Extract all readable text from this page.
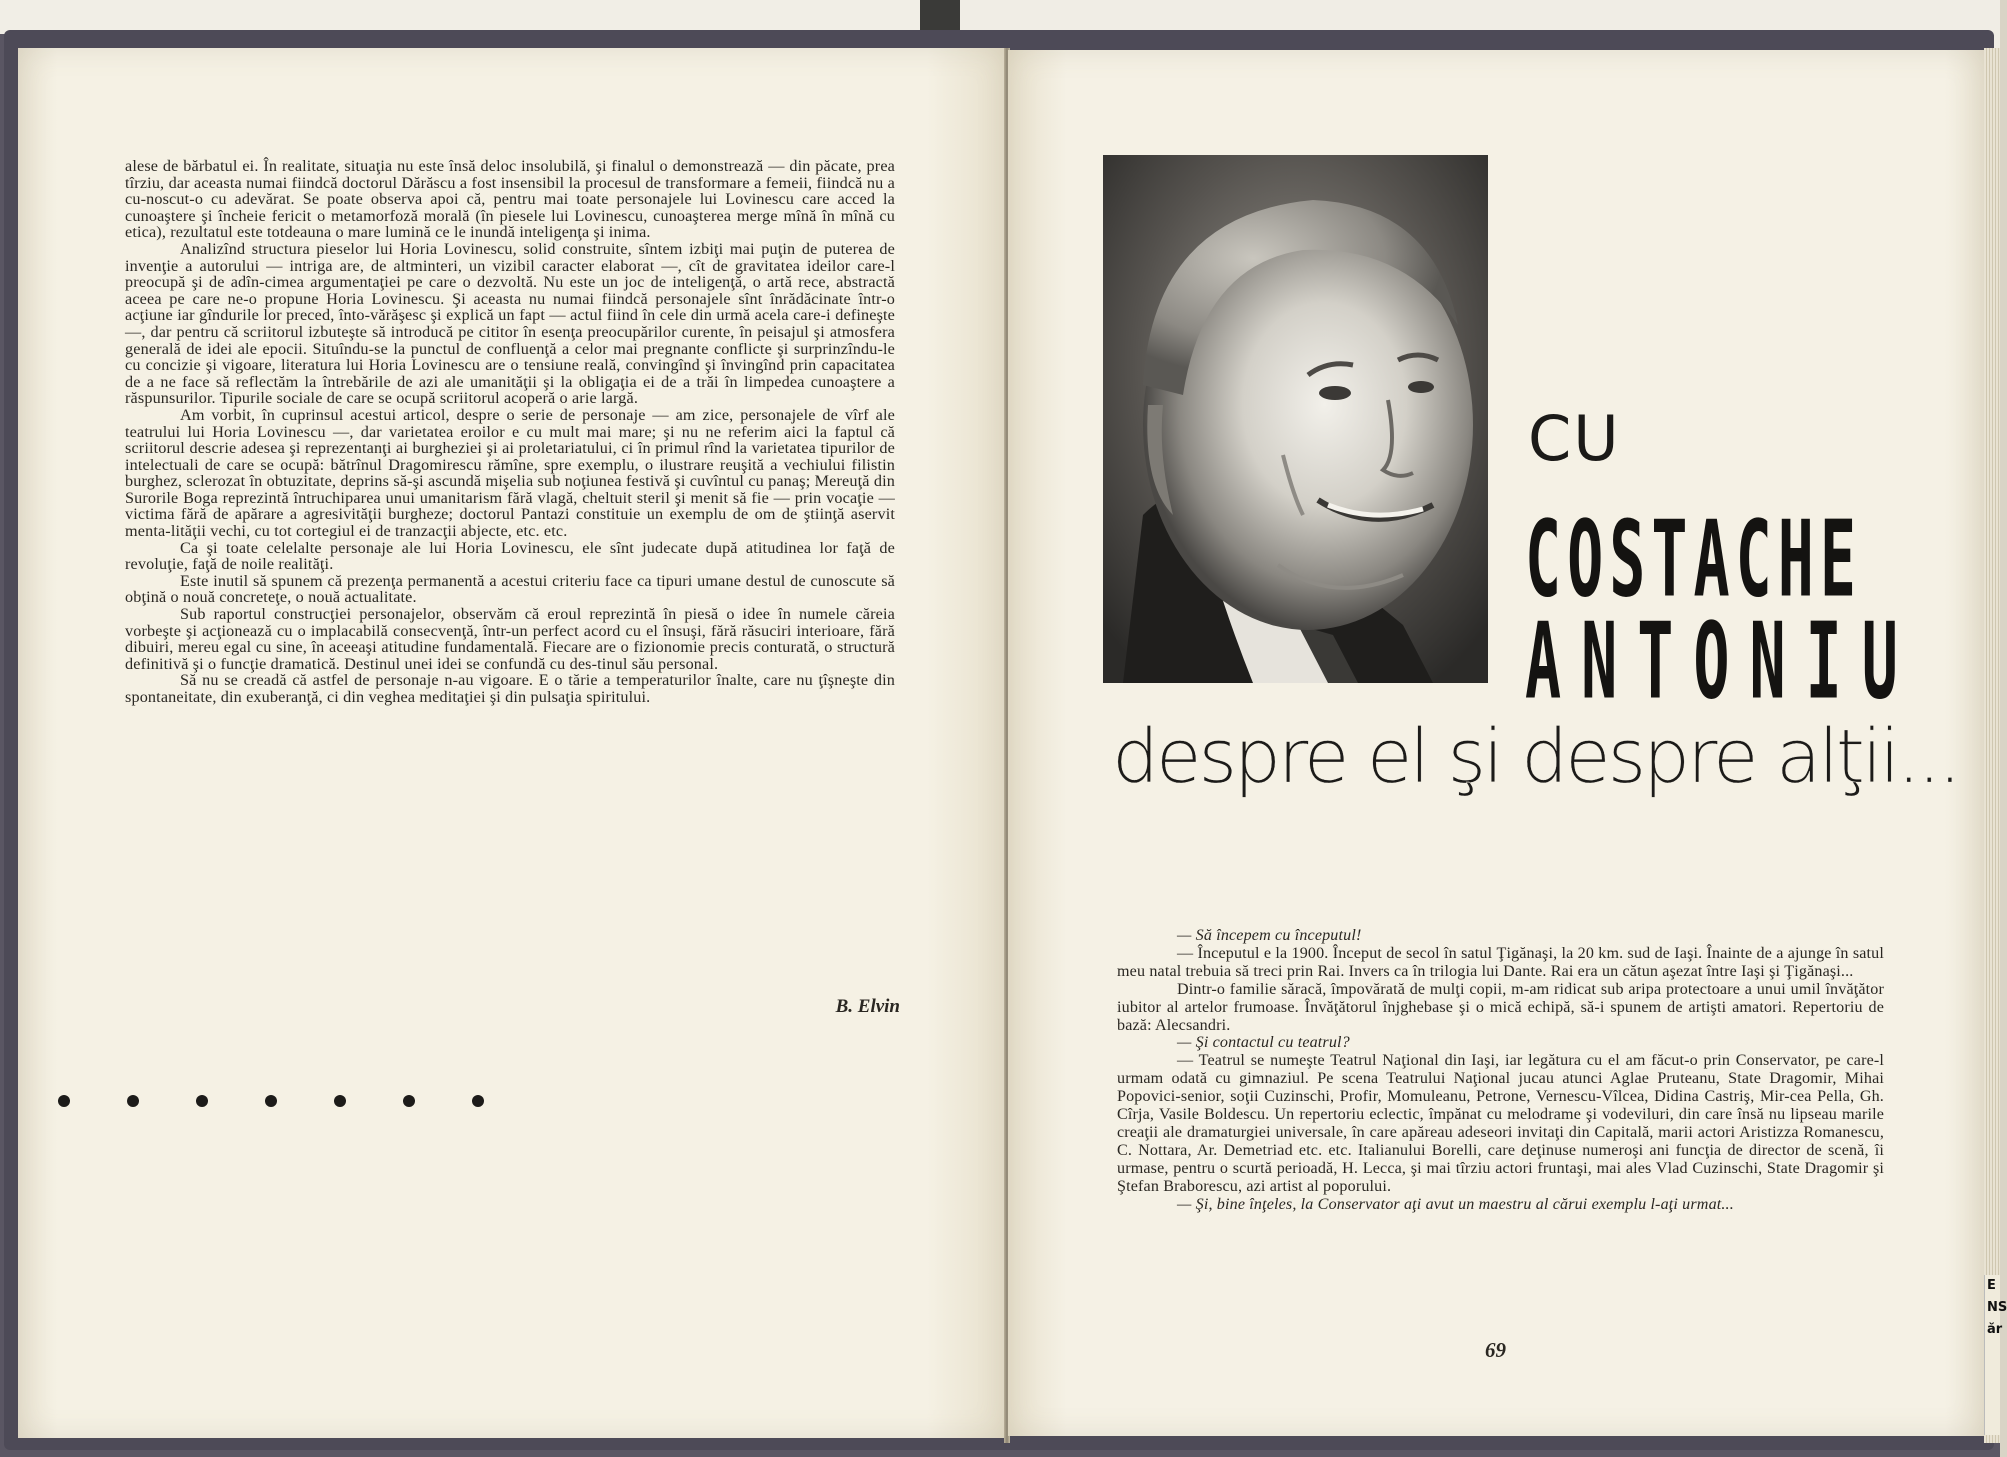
E NS ăr

alese de bărbatul ei. În realitate, situaţia nu este însă deloc insolubilă, şi finalul o demonstrează — din păcate, prea tîrziu, dar aceasta numai fiindcă doctorul Dărăscu a fost insensibil la procesul de transformare a femeii, fiindcă nu a cu-noscut-o cu adevărat. Se poate observa apoi că, pentru mai toate personajele lui Lovinescu care acced la cunoaştere şi încheie fericit o metamorfoză morală (în piesele lui Lovinescu, cunoaşterea merge mînă în mînă cu etica), rezultatul este totdeauna o mare lumină ce le inundă inteligenţa şi inima.

Analizînd structura pieselor lui Horia Lovinescu, solid construite, sîntem izbiţi mai puţin de puterea de invenţie a autorului — intriga are, de altminteri, un vizibil caracter elaborat —, cît de gravitatea ideilor care-l preocupă şi de adîn-cimea argumentaţiei pe care o dezvoltă. Nu este un joc de inteligenţă, o artă rece, abstractă aceea pe care ne-o propune Horia Lovinescu. Şi aceasta nu numai fiindcă personajele sînt înrădăcinate într-o acţiune iar gîndurile lor preced, înto-vărăşesc şi explică un fapt — actul fiind în cele din urmă acela care-i defineşte —, dar pentru că scriitorul izbuteşte să introducă pe cititor în esenţa preocupărilor curente, în peisajul şi atmosfera generală de idei ale epocii. Situîndu-se la punctul de confluenţă a celor mai pregnante conflicte şi surprinzîndu-le cu concizie şi vigoare, literatura lui Horia Lovinescu are o tensiune reală, convingînd şi învingînd prin capacitatea de a ne face să reflectăm la întrebările de azi ale umanităţii şi la obligaţia ei de a trăi în limpedea cunoaştere a răspunsurilor. Tipurile sociale de care se ocupă scriitorul acoperă o arie largă.

Am vorbit, în cuprinsul acestui articol, despre o serie de personaje — am zice, personajele de vîrf ale teatrului lui Horia Lovinescu —, dar varietatea eroilor e cu mult mai mare; şi nu ne referim aici la faptul că scriitorul descrie adesea şi reprezentanţi ai burgheziei şi ai proletariatului, ci în primul rînd la varietatea tipurilor de intelectuali de care se ocupă: bătrînul Dragomirescu rămîne, spre exemplu, o ilustrare reuşită a vechiului filistin burghez, sclerozat în obtuzitate, deprins să-şi ascundă mişelia sub noţiunea festivă şi cuvîntul cu panaş; Mereuţă din Surorile Boga reprezintă întruchiparea unui umanitarism fără vlagă, cheltuit steril şi menit să fie — prin vocaţie — victima fără de apărare a agresivităţii burgheze; doctorul Pantazi constituie un exemplu de om de ştiinţă aservit menta-lităţii vechi, cu tot cortegiul ei de tranzacţii abjecte, etc. etc.

Ca şi toate celelalte personaje ale lui Horia Lovinescu, ele sînt judecate după atitudinea lor faţă de revoluţie, faţă de noile realităţi.

Este inutil să spunem că prezenţa permanentă a acestui criteriu face ca tipuri umane destul de cunoscute să obţină o nouă concreteţe, o nouă actualitate.

Sub raportul construcţiei personajelor, observăm că eroul reprezintă în piesă o idee în numele căreia vorbeşte şi acţionează cu o implacabilă consecvenţă, într-un perfect acord cu el însuşi, fără răsuciri interioare, fără dibuiri, mereu egal cu sine, în aceeaşi atitudine fundamentală. Fiecare are o fizionomie precis conturată, o structură definitivă şi o funcţie dramatică. Destinul unei idei se confundă cu des-tinul său personal.

Să nu se creadă că astfel de personaje n-au vigoare. E o tărie a temperaturilor înalte, care nu ţîşneşte din spontaneitate, din exuberanţă, ci din veghea meditaţiei şi din pulsaţia spiritului.

B. Elvin
CU
COSTACHE
ANTONIU
despre el şi despre alţii...

— Să începem cu începutul!

— Începutul e la 1900. Început de secol în satul Ţigănaşi, la 20 km. sud de Iaşi. Înainte de a ajunge în satul meu natal trebuia să treci prin Rai. Invers ca în trilogia lui Dante. Rai era un cătun aşezat între Iaşi şi Ţigănaşi...

Dintr-o familie săracă, împovărată de mulţi copii, m-am ridicat sub aripa protectoare a unui umil învăţător iubitor al artelor frumoase. Învăţătorul înjghebase şi o mică echipă, să-i spunem de artişti amatori. Repertoriu de bază: Alecsandri.

— Şi contactul cu teatrul?

— Teatrul se numeşte Teatrul Naţional din Iaşi, iar legătura cu el am făcut-o prin Conservator, pe care-l urmam odată cu gimnaziul. Pe scena Teatrului Naţional jucau atunci Aglae Pruteanu, State Dragomir, Mihai Popovici-senior, soţii Cuzinschi, Profir, Momuleanu, Petrone, Vernescu-Vîlcea, Didina Castriş, Mir-cea Pella, Gh. Cîrja, Vasile Boldescu. Un repertoriu eclectic, împănat cu melodrame şi vodeviluri, din care însă nu lipseau marile creaţii ale dramaturgiei universale, în care apăreau adeseori invitaţi din Capitală, marii actori Aristizza Romanescu, C. Nottara, Ar. Demetriad etc. etc. Italianului Borelli, care deţinuse numeroşi ani funcţia de director de scenă, îi urmase, pentru o scurtă perioadă, H. Lecca, şi mai tîrziu actori fruntaşi, mai ales Vlad Cuzinschi, State Dragomir şi Ştefan Braborescu, azi artist al poporului.

— Şi, bine înţeles, la Conservator aţi avut un maestru al cărui exemplu l-aţi urmat...

69
